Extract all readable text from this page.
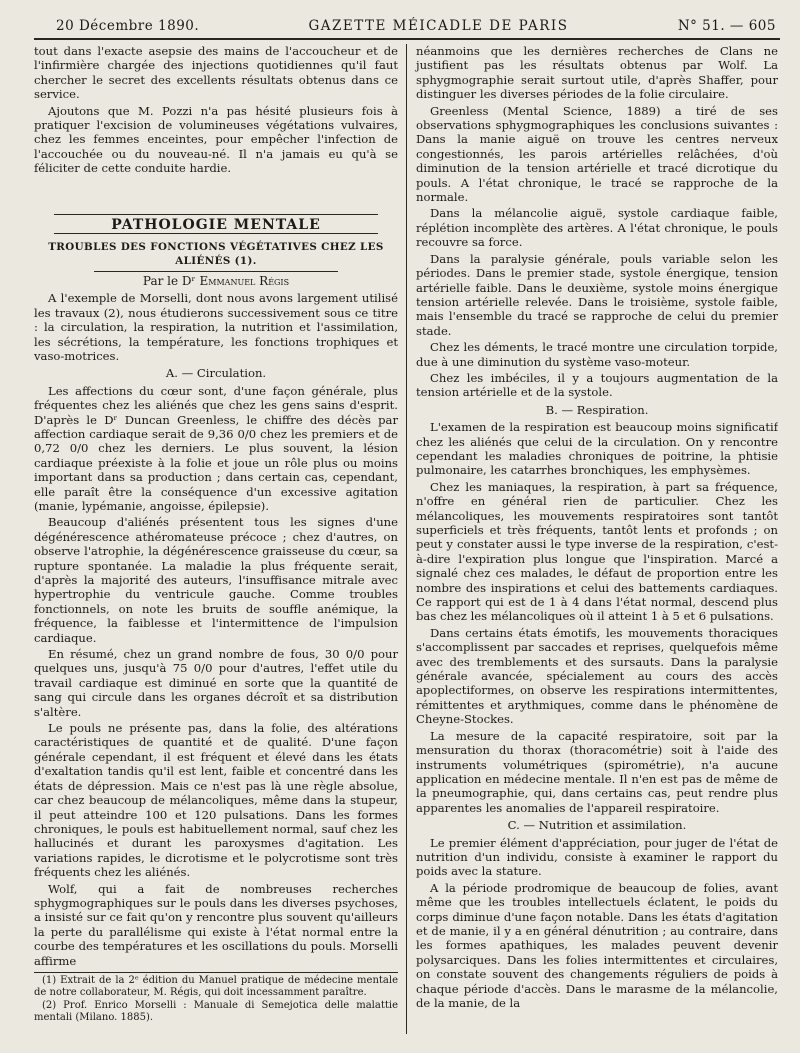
20 Décembre 1890.	GAZETTE MÉICADLE DE PARIS	N° 51. — 605

tout dans l'exacte asepsie des mains de l'accoucheur et de l'infirmière chargée des injections quotidiennes qu'il faut chercher le secret des excellents résultats obtenus dans ce service.

Ajoutons que M. Pozzi n'a pas hésité plusieurs fois à pratiquer l'excision de volumineuses végétations vulvaires, chez les femmes enceintes, pour empêcher l'infection de l'accouchée ou du nouveau-né. Il n'a jamais eu qu'à se féliciter de cette conduite hardie.

PATHOLOGIE MENTALE
TROUBLES DES FONCTIONS VÉGÉTATIVES CHEZ LES ALIÉNÉS (1).
Par le Dʳ Emmanuel Régis

A l'exemple de Morselli, dont nous avons largement utilisé les travaux (2), nous étudierons successivement sous ce titre : la circulation, la respiration, la nutrition et l'assimilation, les sécrétions, la température, les fonctions trophiques et vaso-motrices.

A. — Circulation.

Les affections du cœur sont, d'une façon générale, plus fréquentes chez les aliénés que chez les gens sains d'esprit. D'après le Dʳ Duncan Greenless, le chiffre des décès par affection cardiaque serait de 9,36 0/0 chez les premiers et de 0,72 0/0 chez les derniers. Le plus souvent, la lésion cardiaque préexiste à la folie et joue un rôle plus ou moins important dans sa production ; dans certain cas, cependant, elle paraît être la conséquence d'un excessive agitation (manie, lypémanie, angoisse, épilepsie).

Beaucoup d'aliénés présentent tous les signes d'une dégénérescence athéromateuse précoce ; chez d'autres, on observe l'atrophie, la dégénérescence graisseuse du cœur, sa rupture spontanée. La maladie la plus fréquente serait, d'après la majorité des auteurs, l'insuffisance mitrale avec hypertrophie du ventricule gauche. Comme troubles fonctionnels, on note les bruits de souffle anémique, la fréquence, la faiblesse et l'intermittence de l'impulsion cardiaque.

En résumé, chez un grand nombre de fous, 30 0/0 pour quelques uns, jusqu'à 75 0/0 pour d'autres, l'effet utile du travail cardiaque est diminué en sorte que la quantité de sang qui circule dans les organes décroît et sa distribution s'altère.

Le pouls ne présente pas, dans la folie, des altérations caractéristiques de quantité et de qualité. D'une façon générale cependant, il est fréquent et élevé dans les états d'exaltation tandis qu'il est lent, faible et concentré dans les états de dépression. Mais ce n'est pas là une règle absolue, car chez beaucoup de mélancoliques, même dans la stupeur, il peut atteindre 100 et 120 pulsations. Dans les formes chroniques, le pouls est habituellement normal, sauf chez les hallucinés et durant les paroxysmes d'agitation. Les variations rapides, le dicrotisme et le polycrotisme sont très fréquents chez les aliénés.

Wolf, qui a fait de nombreuses recherches sphygmographiques sur le pouls dans les diverses psychoses, a insisté sur ce fait qu'on y rencontre plus souvent qu'ailleurs la perte du parallélisme qui existe à l'état normal entre la courbe des températures et les oscillations du pouls. Morselli affirme

(1) Extrait de la 2ᵉ édition du Manuel pratique de médecine mentale de notre collaborateur, M. Régis, qui doit incessamment paraître.

(2) Prof. Enrico Morselli : Manuale di Semejotica delle malattie mentali (Milano. 1885).

néanmoins que les dernières recherches de Clans ne justifient pas les résultats obtenus par Wolf. La sphygmographie serait surtout utile, d'après Shaffer, pour distinguer les diverses périodes de la folie circulaire.

Greenless (Mental Science, 1889) a tiré de ses observations sphygmographiques les conclusions suivantes : Dans la manie aiguë on trouve les centres nerveux congestionnés, les parois artérielles relâchées, d'où diminution de la tension artérielle et tracé dicrotique du pouls. A l'état chronique, le tracé se rapproche de la normale.

Dans la mélancolie aiguë, systole cardiaque faible, réplétion incomplète des artères. A l'état chronique, le pouls recouvre sa force.

Dans la paralysie générale, pouls variable selon les périodes. Dans le premier stade, systole énergique, tension artérielle faible. Dans le deuxième, systole moins énergique tension artérielle relevée. Dans le troisième, systole faible, mais l'ensemble du tracé se rapproche de celui du premier stade.

Chez les déments, le tracé montre une circulation torpide, due à une diminution du système vaso-moteur.

Chez les imbéciles, il y a toujours augmentation de la tension artérielle et de la systole.

B. — Respiration.

L'examen de la respiration est beaucoup moins significatif chez les aliénés que celui de la circulation. On y rencontre cependant les maladies chroniques de poitrine, la phtisie pulmonaire, les catarrhes bronchiques, les emphysèmes.

Chez les maniaques, la respiration, à part sa fréquence, n'offre en général rien de particulier. Chez les mélancoliques, les mouvements respiratoires sont tantôt superficiels et très fréquents, tantôt lents et profonds ; on peut y constater aussi le type inverse de la respiration, c'est-à-dire l'expiration plus longue que l'inspiration. Marcé a signalé chez ces malades, le défaut de proportion entre les nombre des inspirations et celui des battements cardiaques. Ce rapport qui est de 1 à 4 dans l'état normal, descend plus bas chez les mélancoliques où il atteint 1 à 5 et 6 pulsations.

Dans certains états émotifs, les mouvements thoraciques s'accomplissent par saccades et reprises, quelquefois même avec des tremblements et des sursauts. Dans la paralysie générale avancée, spécialement au cours des accès apoplectiformes, on observe les respirations intermittentes, rémittentes et arythmiques, comme dans le phénomène de Cheyne-Stockes.

La mesure de la capacité respiratoire, soit par la mensuration du thorax (thoracométrie) soit à l'aide des instruments volumétriques (spirométrie), n'a aucune application en médecine mentale. Il n'en est pas de même de la pneumographie, qui, dans certains cas, peut rendre plus apparentes les anomalies de l'appareil respiratoire.

C. — Nutrition et assimilation.

Le premier élément d'appréciation, pour juger de l'état de nutrition d'un individu, consiste à examiner le rapport du poids avec la stature.

A la période prodromique de beaucoup de folies, avant même que les troubles intellectuels éclatent, le poids du corps diminue d'une façon notable. Dans les états d'agitation et de manie, il y a en général dénutrition ; au contraire, dans les formes apathiques, les malades peuvent devenir polysarciques. Dans les folies intermittentes et circulaires, on constate souvent des changements réguliers de poids à chaque période d'accès. Dans le marasme de la mélancolie, de la manie, de la
